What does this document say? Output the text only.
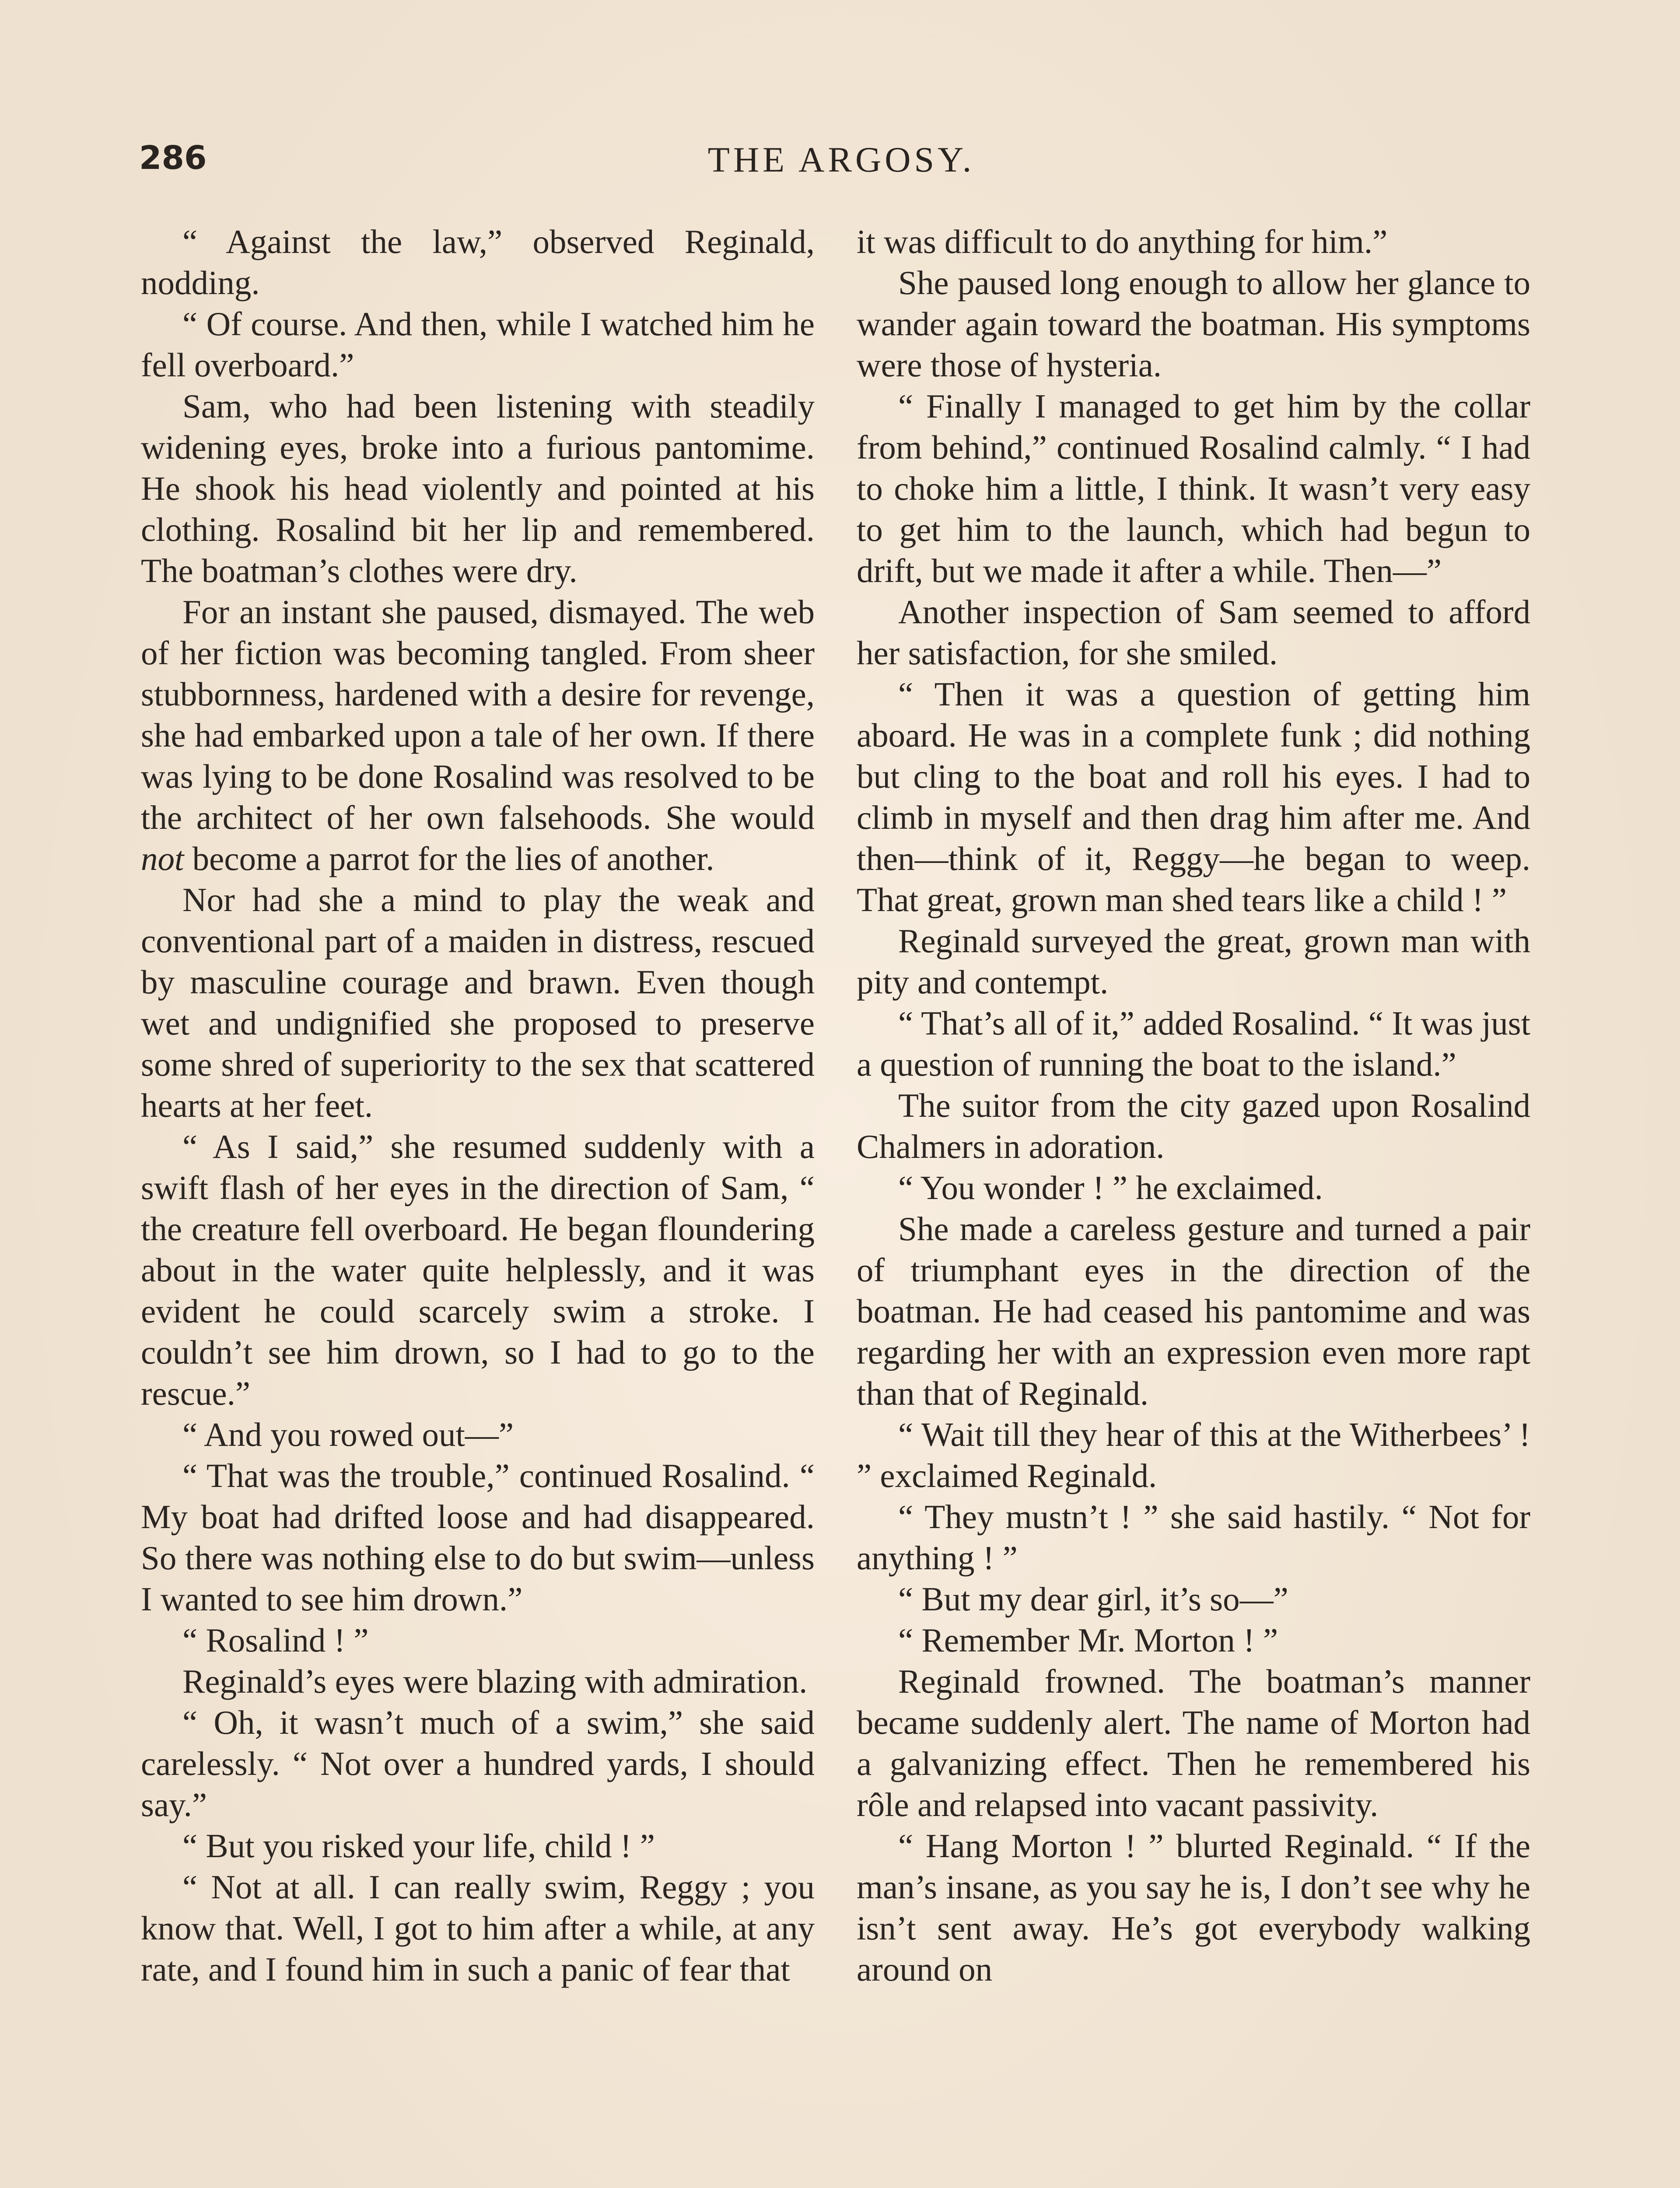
286	THE ARGOSY.

“ Against the law,” observed Reginald, nodding.

“ Of course. And then, while I watched him he fell overboard.”

Sam, who had been listening with steadily widening eyes, broke into a furious pantomime. He shook his head violently and pointed at his clothing. Rosalind bit her lip and remembered. The boatman’s clothes were dry.

For an instant she paused, dismayed. The web of her fiction was becoming tangled. From sheer stubbornness, hardened with a desire for revenge, she had embarked upon a tale of her own. If there was lying to be done Rosalind was resolved to be the architect of her own falsehoods. She would not become a parrot for the lies of another.

Nor had she a mind to play the weak and conventional part of a maiden in distress, rescued by masculine courage and brawn. Even though wet and undignified she proposed to preserve some shred of superiority to the sex that scattered hearts at her feet.

“ As I said,” she resumed suddenly with a swift flash of her eyes in the direction of Sam, “ the creature fell overboard. He began floundering about in the water quite helplessly, and it was evident he could scarcely swim a stroke. I couldn’t see him drown, so I had to go to the rescue.”

“ And you rowed out—”

“ That was the trouble,” continued Rosalind. “ My boat had drifted loose and had disappeared. So there was nothing else to do but swim—unless I wanted to see him drown.”

“ Rosalind ! ”

Reginald’s eyes were blazing with admiration.

“ Oh, it wasn’t much of a swim,” she said carelessly. “ Not over a hundred yards, I should say.”

“ But you risked your life, child ! ”

“ Not at all. I can really swim, Reggy ; you know that. Well, I got to him after a while, at any rate, and I found him in such a panic of fear that

it was difficult to do anything for him.”

She paused long enough to allow her glance to wander again toward the boatman. His symptoms were those of hysteria.

“ Finally I managed to get him by the collar from behind,” continued Rosalind calmly. “ I had to choke him a little, I think. It wasn’t very easy to get him to the launch, which had begun to drift, but we made it after a while. Then—”

Another inspection of Sam seemed to afford her satisfaction, for she smiled.

“ Then it was a question of getting him aboard. He was in a complete funk ; did nothing but cling to the boat and roll his eyes. I had to climb in myself and then drag him after me. And then—think of it, Reggy—he began to weep. That great, grown man shed tears like a child ! ”

Reginald surveyed the great, grown man with pity and contempt.

“ That’s all of it,” added Rosalind. “ It was just a question of running the boat to the island.”

The suitor from the city gazed upon Rosalind Chalmers in adoration.

“ You wonder ! ” he exclaimed.

She made a careless gesture and turned a pair of triumphant eyes in the direction of the boatman. He had ceased his pantomime and was regarding her with an expression even more rapt than that of Reginald.

“ Wait till they hear of this at the Witherbees’ ! ” exclaimed Reginald.

“ They mustn’t ! ” she said hastily. “ Not for anything ! ”

“ But my dear girl, it’s so—”

“ Remember Mr. Morton ! ”

Reginald frowned. The boatman’s manner became suddenly alert. The name of Morton had a galvanizing effect. Then he remembered his rôle and relapsed into vacant passivity.

“ Hang Morton ! ” blurted Reginald. “ If the man’s insane, as you say he is, I don’t see why he isn’t sent away. He’s got everybody walking around on
